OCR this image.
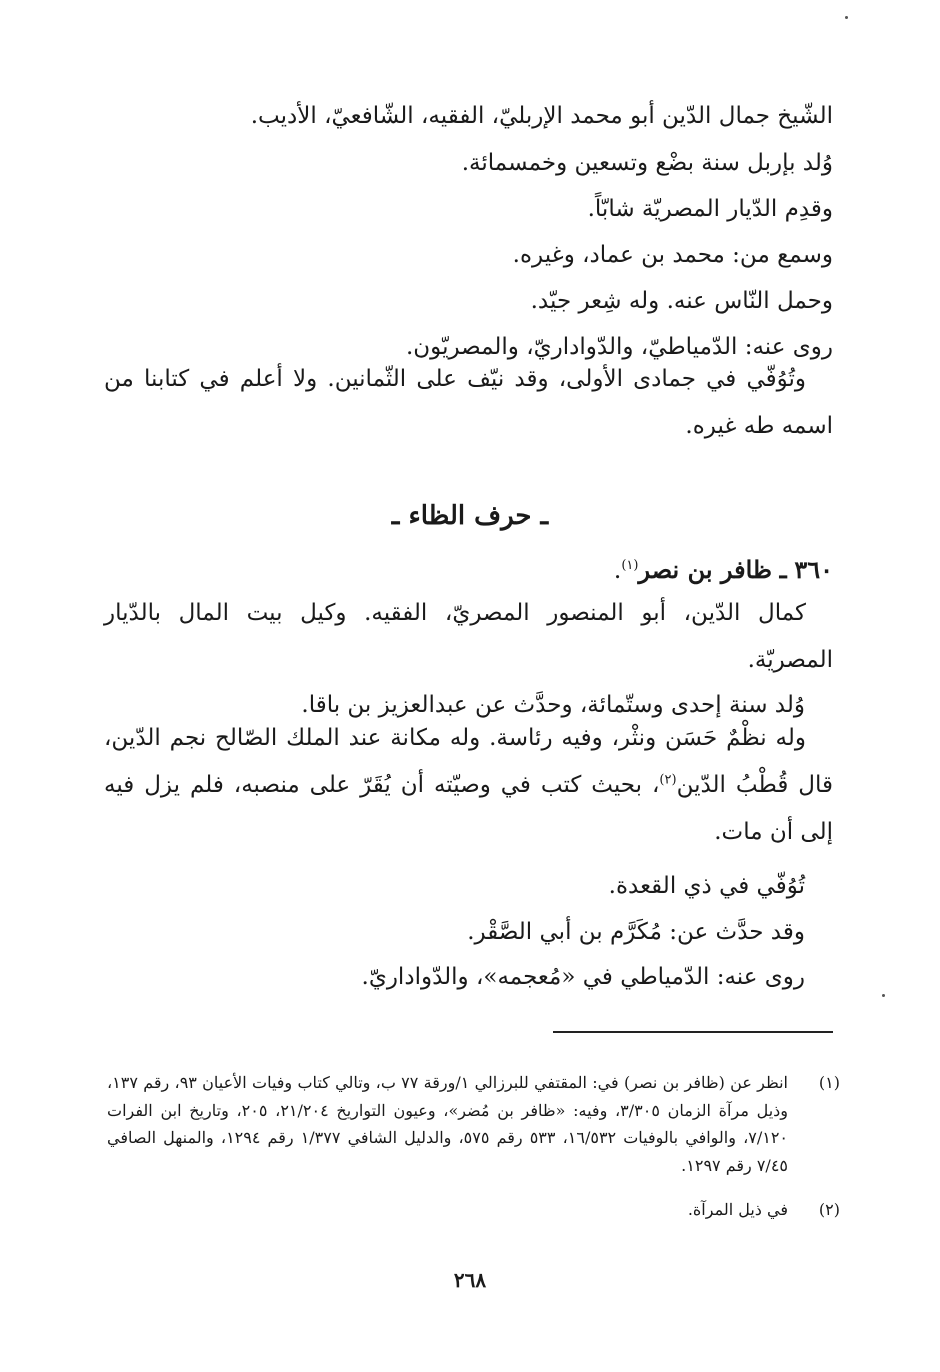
الشّيخ جمال الدّين أبو محمد الإربليّ، الفقيه، الشّافعيّ، الأديب.
وُلد بإربل سنة بضْع وتسعين وخمسمائة.
وقدِم الدّيار المصريّة شابّاً.
وسمع من: محمد بن عماد، وغيره.
وحمل النّاس عنه. وله شِعر جيّد.
روى عنه: الدّمياطيّ، والدّواداريّ، والمصريّون.
وتُوُفّي في جمادى الأولى، وقد نيّف على الثّمانين. ولا أعلم في كتابنا من اسمه طه غيره.
ـ حرف الظاء ـ
٣٦٠ ـ ظافر بن نصر$^{(١)}$.
كمال الدّين، أبو المنصور المصريّ، الفقيه. وكيل بيت المال بالدّيار المصريّة.
وُلد سنة إحدى وستّمائة، وحدَّث عن عبدالعزيز بن باقا.
وله نظْمٌ حَسَن ونثْر، وفيه رئاسة. وله مكانة عند الملك الصّالح نجم الدّين، قال قُطْبُ الدّين$^{(٢)}$، بحيث كتب في وصيّته أن يُقَرّ على منصبه، فلم يزل فيه إلى أن مات.
تُوُفّي في ذي القعدة.
وقد حدَّث عن: مُكَرَّم بن أبي الصَّقْر.
روى عنه: الدّمياطي في «مُعجمه»، والدّواداريّ.
(١)
انظر عن (ظافر بن نصر) في: المقتفي للبرزالي ١/ورقة ٧٧ ب، وتالي كتاب وفيات الأعيان ٩٣، رقم ١٣٧، وذيل مرآة الزمان ٣/٣٠٥، وفيه: «ظافر بن مُضر»، وعيون التواريخ ٢١/٢٠٤، ٢٠٥، وتاريخ ابن الفرات ٧/١٢٠، والوافي بالوفيات ١٦/٥٣٢، ٥٣٣ رقم ٥٧٥، والدليل الشافي ١/٣٧٧ رقم ١٢٩٤، والمنهل الصافي ٧/٤٥ رقم ١٢٩٧.
(٢)
في ذيل المرآة.
٢٦٨
